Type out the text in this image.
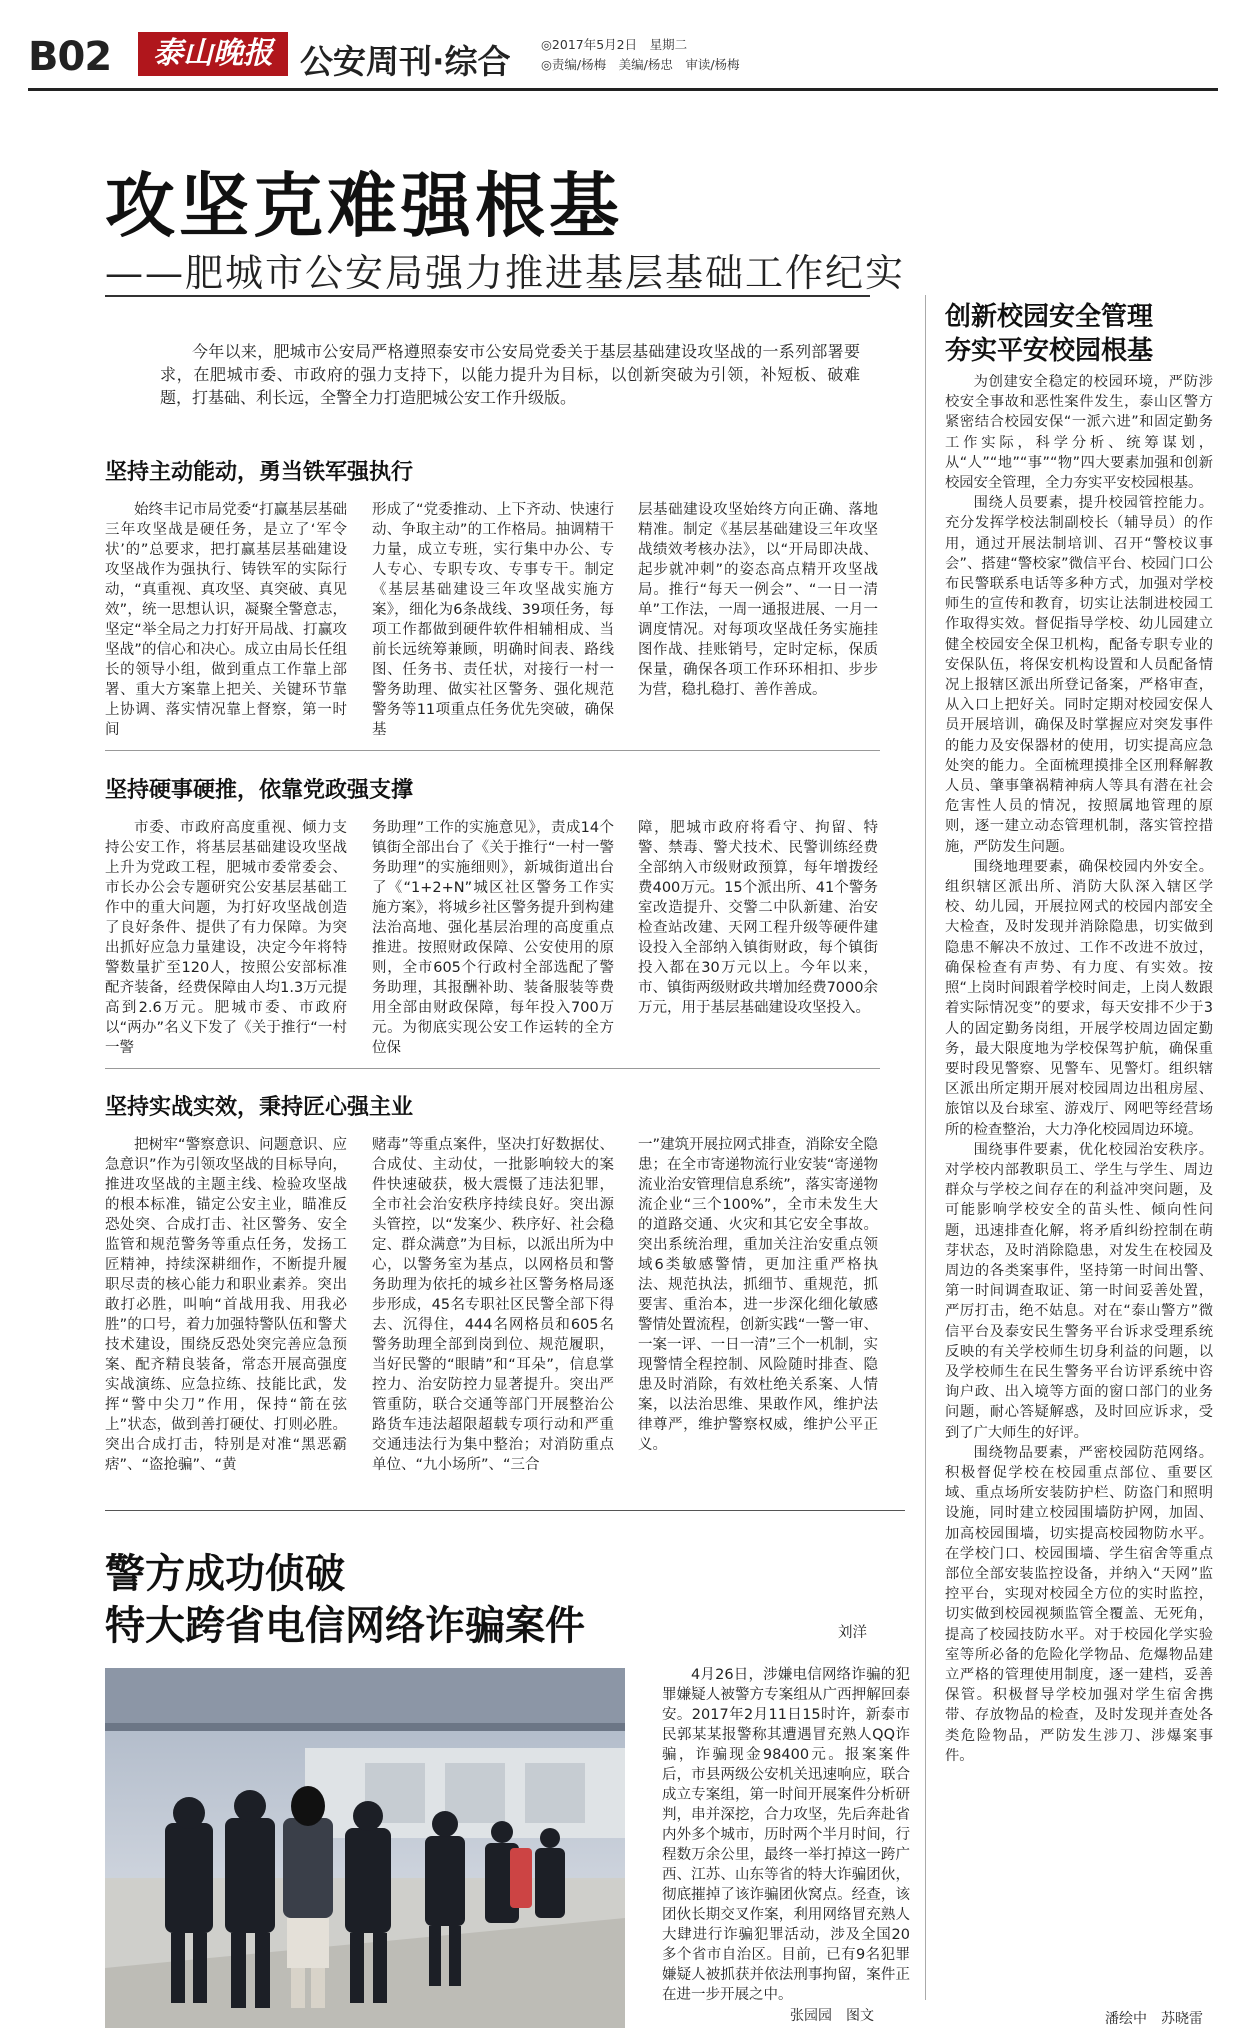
B02	泰山晚报 公安周刊·综合 ◎2017年5月2日　星期二
◎责编/杨梅　美编/杨忠　审读/杨梅
攻坚克难强根基
——肥城市公安局强力推进基层基础工作纪实
今年以来，肥城市公安局严格遵照泰安市公安局党委关于基层基础建设攻坚战的一系列部署要求，在肥城市委、市政府的强力支持下，以能力提升为目标，以创新突破为引领，补短板、破难题，打基础、利长远，全警全力打造肥城公安工作升级版。
坚持主动能动，勇当铁军强执行

始终丰记市局党委“打赢基层基础三年攻坚战是硬任务，是立了‘军令状’的”总要求，把打赢基层基础建设攻坚战作为强执行、铸铁军的实际行动，“真重视、真攻坚、真突破、真见效”，统一思想认识，凝聚全警意志，坚定“举全局之力打好开局战、打赢攻坚战”的信心和决心。成立由局长任组长的领导小组，做到重点工作靠上部署、重大方案靠上把关、关键环节靠上协调、落实情况靠上督察，第一时间

形成了“党委推动、上下齐动、快速行动、争取主动”的工作格局。抽调精干力量，成立专班，实行集中办公、专人专心、专职专攻、专事专干。制定《基层基础建设三年攻坚战实施方案》，细化为6条战线、39项任务，每项工作都做到硬件软件相辅相成、当前长远统筹兼顾，明确时间表、路线图、任务书、责任状，对接行一村一警务助理、做实社区警务、强化规范警务等11项重点任务优先突破，确保基

层基础建设攻坚始终方向正确、落地精准。制定《基层基础建设三年攻坚战绩效考核办法》，以“开局即决战、起步就冲刺”的姿态高点精开攻坚战局。推行“每天一例会”、“一日一清单”工作法，一周一通报进展、一月一调度情况。对每项攻坚战任务实施挂图作战、挂账销号，定时定标，保质保量，确保各项工作环环相扣、步步为营，稳扎稳打、善作善成。

坚持硬事硬推，依靠党政强支撑

市委、市政府高度重视、倾力支持公安工作，将基层基础建设攻坚战上升为党政工程，肥城市委常委会、市长办公会专题研究公安基层基础工作中的重大问题，为打好攻坚战创造了良好条件、提供了有力保障。为突出抓好应急力量建设，决定今年将特警数量扩至120人，按照公安部标准配齐装备，经费保障由人均1.3万元提高到2.6万元。肥城市委、市政府以“两办”名义下发了《关于推行“一村一警

务助理”工作的实施意见》，责成14个镇街全部出台了《关于推行“一村一警务助理”的实施细则》，新城街道出台了《“1+2+N”城区社区警务工作实施方案》，将城乡社区警务提升到构建法治高地、强化基层治理的高度重点推进。按照财政保障、公安使用的原则，全市605个行政村全部选配了警务助理，其报酬补助、装备服装等费用全部由财政保障，每年投入700万元。为彻底实现公安工作运转的全方位保

障，肥城市政府将看守、拘留、特警、禁毒、警犬技术、民警训练经费全部纳入市级财政预算，每年增拨经费400万元。15个派出所、41个警务室改造提升、交警二中队新建、治安检查站改建、天网工程升级等硬件建设投入全部纳入镇街财政，每个镇街投入都在30万元以上。今年以来，市、镇街两级财政共增加经费7000余万元，用于基层基础建设攻坚投入。

坚持实战实效，秉持匠心强主业

把树牢“警察意识、问题意识、应急意识”作为引领攻坚战的目标导向，推进攻坚战的主题主线、检验攻坚战的根本标准，锚定公安主业，瞄准反恐处突、合成打击、社区警务、安全监管和规范警务等重点任务，发扬工匠精神，持续深耕细作，不断提升履职尽责的核心能力和职业素养。突出敢打必胜，叫响“首战用我、用我必胜”的口号，着力加强特警队伍和警犬技术建设，围绕反恐处突完善应急预案、配齐精良装备，常态开展高强度实战演练、应急拉练、技能比武，发挥“警中尖刀”作用，保持“箭在弦上”状态，做到善打硬仗、打则必胜。突出合成打击，特别是对准“黑恶霸痞”、“盗抢骗”、“黄

赌毒”等重点案件，坚决打好数据仗、合成仗、主动仗，一批影响较大的案件快速破获，极大震慑了违法犯罪，全市社会治安秩序持续良好。突出源头管控，以“发案少、秩序好、社会稳定、群众满意”为目标，以派出所为中心，以警务室为基点，以网格员和警务助理为依托的城乡社区警务格局逐步形成，45名专职社区民警全部下得去、沉得住，444名网格员和605名警务助理全部到岗到位、规范履职，当好民警的“眼睛”和“耳朵”，信息掌控力、治安防控力显著提升。突出严管重防，联合交通等部门开展整治公路货车违法超限超载专项行动和严重交通违法行为集中整治；对消防重点单位、“九小场所”、“三合

一”建筑开展拉网式排查，消除安全隐患；在全市寄递物流行业安装“寄递物流业治安管理信息系统”，落实寄递物流企业“三个100%”，全市未发生大的道路交通、火灾和其它安全事故。突出系统治理，重加关注治安重点领域6类敏感警情，更加注重严格执法、规范执法，抓细节、重规范，抓要害、重治本，进一步深化细化敏感警情处置流程，创新实践“一警一审、一案一评、一日一清”三个一机制，实现警情全程控制、风险随时排查、隐患及时消除，有效杜绝关系案、人情案，以法治思维、果敢作风，维护法律尊严，维护警察权威，维护公平正义。

刘洋
警方成功侦破
特大跨省电信网络诈骗案件

4月26日，涉嫌电信网络诈骗的犯罪嫌疑人被警方专案组从广西押解回泰安。2017年2月11日15时许，新泰市民郭某某报警称其遭遇冒充熟人QQ诈骗，诈骗现金98400元。报案案件后，市县两级公安机关迅速响应，联合成立专案组，第一时间开展案件分析研判，串并深挖，合力攻坚，先后奔赴省内外多个城市，历时两个半月时间，行程数万余公里，最终一举打掉这一跨广西、江苏、山东等省的特大诈骗团伙，彻底摧掉了该诈骗团伙窝点。经查，该团伙长期交叉作案，利用网络冒充熟人大肆进行诈骗犯罪活动，涉及全国20多个省市自治区。目前，已有9名犯罪嫌疑人被抓获并依法刑事拘留，案件正在进一步开展之中。

张园园　图文
创新校园安全管理
夯实平安校园根基

为创建安全稳定的校园环境，严防涉校安全事故和恶性案件发生，泰山区警方紧密结合校园安保“一派六进”和固定勤务工作实际，科学分析、统筹谋划，从“人”“地”“事”“物”四大要素加强和创新校园安全管理，全力夯实平安校园根基。

围绕人员要素，提升校园管控能力。充分发挥学校法制副校长（辅导员）的作用，通过开展法制培训、召开“警校议事会”、搭建“警校家”微信平台、校园门口公布民警联系电话等多种方式，加强对学校师生的宣传和教育，切实让法制进校园工作取得实效。督促指导学校、幼儿园建立健全校园安全保卫机构，配备专职专业的安保队伍，将保安机构设置和人员配备情况上报辖区派出所登记备案，严格审查，从入口上把好关。同时定期对校园安保人员开展培训，确保及时掌握应对突发事件的能力及安保器材的使用，切实提高应急处突的能力。全面梳理摸排全区刑释解教人员、肇事肇祸精神病人等具有潜在社会危害性人员的情况，按照属地管理的原则，逐一建立动态管理机制，落实管控措施，严防发生问题。

围绕地理要素，确保校园内外安全。组织辖区派出所、消防大队深入辖区学校、幼儿园，开展拉网式的校园内部安全大检查，及时发现并消除隐患，切实做到隐患不解决不放过、工作不改进不放过，确保检查有声势、有力度、有实效。按照“上岗时间跟着学校时间走，上岗人数跟着实际情况变”的要求，每天安排不少于3人的固定勤务岗组，开展学校周边固定勤务，最大限度地为学校保驾护航，确保重要时段见警察、见警车、见警灯。组织辖区派出所定期开展对校园周边出租房屋、旅馆以及台球室、游戏厅、网吧等经营场所的检查整治，大力净化校园周边环境。

围绕事件要素，优化校园治安秩序。对学校内部教职员工、学生与学生、周边群众与学校之间存在的利益冲突问题，及可能影响学校安全的苗头性、倾向性问题，迅速排查化解，将矛盾纠纷控制在萌芽状态，及时消除隐患，对发生在校园及周边的各类案事件，坚持第一时间出警、第一时间调查取证、第一时间妥善处置，严厉打击，绝不姑息。对在“泰山警方”微信平台及泰安民生警务平台诉求受理系统反映的有关学校师生切身利益的问题，以及学校师生在民生警务平台访评系统中咨询户政、出入境等方面的窗口部门的业务问题，耐心答疑解惑，及时回应诉求，受到了广大师生的好评。

围绕物品要素，严密校园防范网络。积极督促学校在校园重点部位、重要区域、重点场所安装防护栏、防盗门和照明设施，同时建立校园围墙防护网，加固、加高校园围墙，切实提高校园物防水平。在学校门口、校园围墙、学生宿舍等重点部位全部安装监控设备，并纳入“天网”监控平台，实现对校园全方位的实时监控，切实做到校园视频监管全覆盖、无死角，提高了校园技防水平。对于校园化学实验室等所必备的危险化学物品、危爆物品建立严格的管理使用制度，逐一建档，妥善保管。积极督导学校加强对学生宿舍携带、存放物品的检查，及时发现并查处各类危险物品，严防发生涉刀、涉爆案事件。

潘绘中　苏晓雷
